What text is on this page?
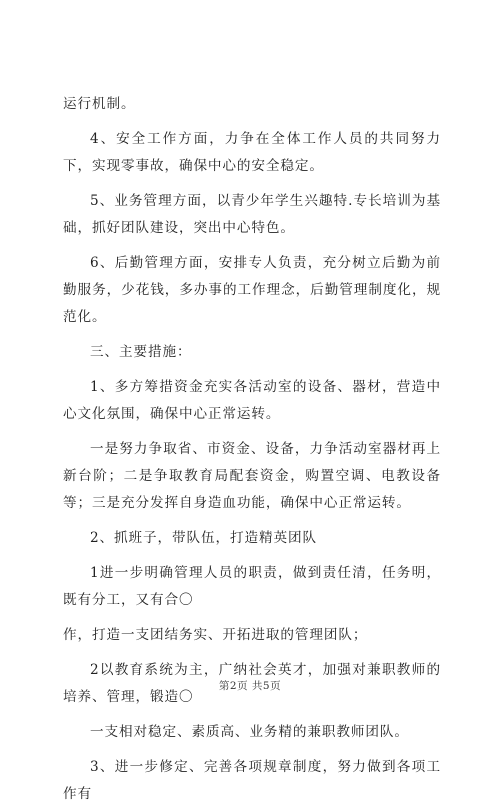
运行机制。

4、安全工作方面，力争在全体工作人员的共同努力下，实现零事故，确保中心的安全稳定。

5、业务管理方面，以青少年学生兴趣特.专长培训为基础，抓好团队建设，突出中心特色。

6、后勤管理方面，安排专人负责，充分树立后勤为前勤服务，少花钱，多办事的工作理念，后勤管理制度化，规范化。

三、主要措施：

1、多方筹措资金充实各活动室的设备、器材，营造中心文化氛围，确保中心正常运转。

一是努力争取省、市资金、设备，力争活动室器材再上新台阶；二是争取教育局配套资金，购置空调、电教设备等；三是充分发挥自身造血功能，确保中心正常运转。

2、抓班子，带队伍，打造精英团队

1进一步明确管理人员的职责，做到责任清，任务明，既有分工，又有合〇

作，打造一支团结务实、开拓进取的管理团队；

2以教育系统为主，广纳社会英才，加强对兼职教师的培养、管理，锻造〇

一支相对稳定、素质高、业务精的兼职教师团队。

3、进一步修定、完善各项规章制度，努力做到各项工作有

第2页 共5页
